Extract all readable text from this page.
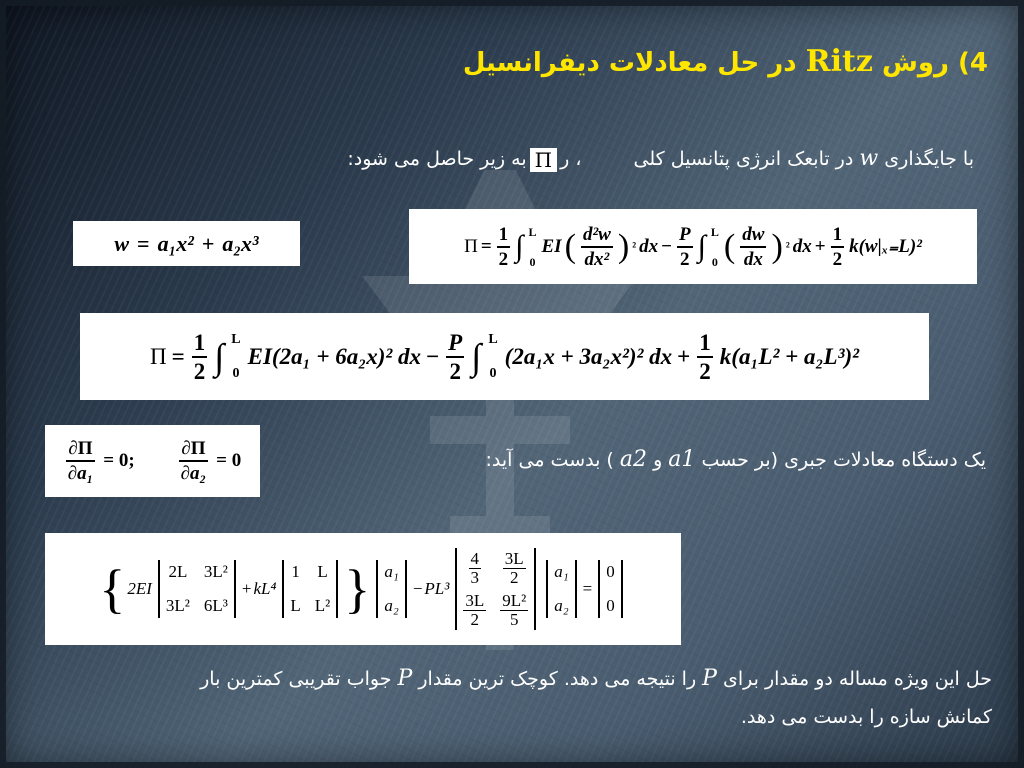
4) روش Ritz در حل معادلات دیفرانسیل
با جایگذاری w در تابعک انرژی پتانسیل کلی  ، رΠبه زیر حاصل می شود:
w = a₁x² + a₂x³	$\Pi = \frac{1}{2}$ ∫ L
0
EI ( $\frac{\text{d²w}}{\text{dx²}}$ ) ² dx − $\frac{P}{2}$ ∫ L
0 ( $\frac{dw}{dx}$ ) ² dx + $\frac{1}{2} k(w|_{x=}L)^2$
$\Pi = \frac{1}{2}$ ∫ L
0
EI(2a₁ + 6a₂x)² dx − $\frac{P}{2}$ ∫ L
0
(2a₁x + 3a₂x²)² dx + $\frac{1}{2} k(a_1L^2 + a_2L^3)^2$
$\frac{\partial\Pi}{\text{∂a₁}} = 0$; $\frac{\partial\Pi}{\text{∂a₂}} = 0$	یک دستگاه معادلات جبری (بر حسب a1 و a2 ) بدست می آید:
{ 2EI
2L 3L²
3L² 6L³
+ kL⁴
1 L
L L² } a₁
a₂
− PL³
$\frac{4}{3} \frac{3L}{2}$
$\frac{3L}{2} \frac{\text{9L²}}{5}$
a₁
a₂
=
0
0
حل این ویژه مساله دو مقدار برای P را نتیجه می دهد. کوچک ترین مقدار P جواب تقریبی کمترین بار
کمانش سازه را بدست می دهد.
